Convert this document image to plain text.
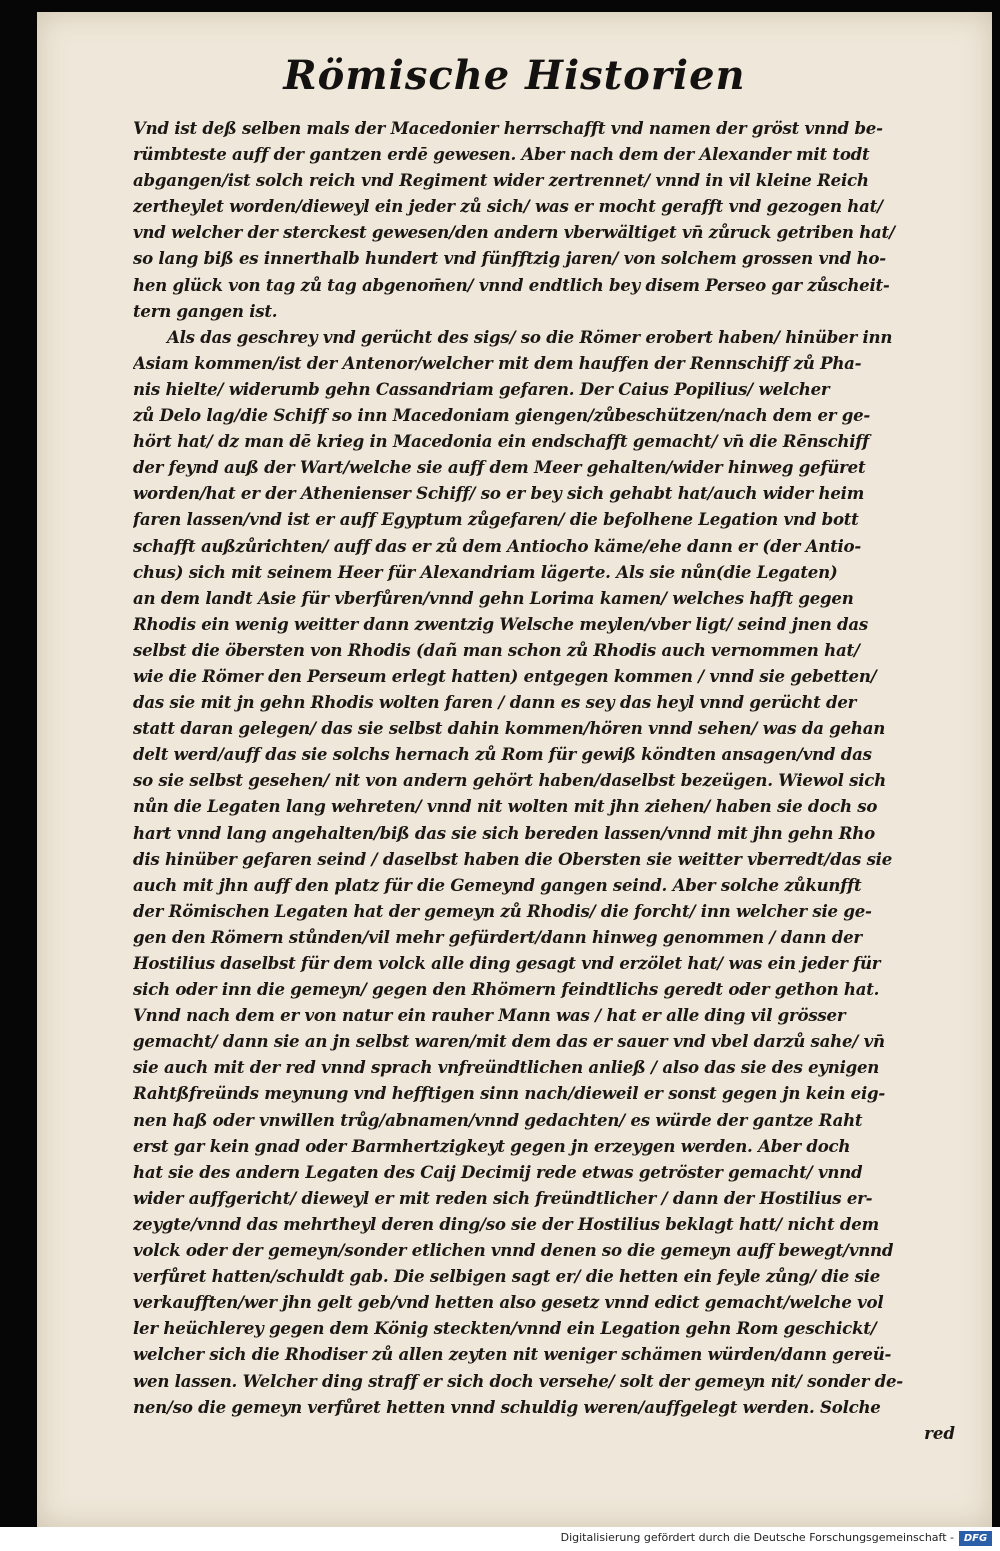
Römische Historien
Vnd ist deß selben mals der Macedonier herrschafft vnd namen der gröst vnnd be-
rümbteste auff der gantzen erdē gewesen. Aber nach dem der Alexander mit todt
abgangen/ist solch reich vnd Regiment wider zertrennet/ vnnd in vil kleine Reich
zertheylet worden/dieweyl ein jeder zů sich/ was er mocht gerafft vnd gezogen hat/
vnd welcher der sterckest gewesen/den andern vberwältiget vn̄ zůruck getriben hat/
so lang biß es innerthalb hundert vnd fünfftzig jaren/ von solchem grossen vnd ho-
hen glück von tag zů tag abgenom̄en/ vnnd endtlich bey disem Perseo gar zůscheit-
tern gangen ist.
Als das geschrey vnd gerücht des sigs/ so die Römer erobert haben/ hinüber inn
Asiam kommen/ist der Antenor/welcher mit dem hauffen der Rennschiff zů Pha-
nis hielte/ widerumb gehn Cassandriam gefaren. Der Caius Popilius/ welcher
zů Delo lag/die Schiff so inn Macedoniam giengen/zůbeschützen/nach dem er ge-
hört hat/ dz man dē krieg in Macedonia ein endschafft gemacht/ vn̄ die Rēnschiff
der feynd auß der Wart/welche sie auff dem Meer gehalten/wider hinweg gefüret
worden/hat er der Athenienser Schiff/ so er bey sich gehabt hat/auch wider heim
faren lassen/vnd ist er auff Egyptum zůgefaren/ die befolhene Legation vnd bott
schafft außzůrichten/ auff das er zů dem Antiocho käme/ehe dann er (der Antio-
chus) sich mit seinem Heer für Alexandriam lägerte. Als sie nůn(die Legaten)
an dem landt Asie für vberfůren/vnnd gehn Lorima kamen/ welches hafft gegen
Rhodis ein wenig weitter dann zwentzig Welsche meylen/vber ligt/ seind jnen das
selbst die öbersten von Rhodis (dañ man schon zů Rhodis auch vernommen hat/
wie die Römer den Perseum erlegt hatten) entgegen kommen / vnnd sie gebetten/
das sie mit jn gehn Rhodis wolten faren / dann es sey das heyl vnnd gerücht der
statt daran gelegen/ das sie selbst dahin kommen/hören vnnd sehen/ was da gehan
delt werd/auff das sie solchs hernach zů Rom für gewiß köndten ansagen/vnd das
so sie selbst gesehen/ nit von andern gehört haben/daselbst bezeügen. Wiewol sich
nůn die Legaten lang wehreten/ vnnd nit wolten mit jhn ziehen/ haben sie doch so
hart vnnd lang angehalten/biß das sie sich bereden lassen/vnnd mit jhn gehn Rho
dis hinüber gefaren seind / daselbst haben die Obersten sie weitter vberredt/das sie
auch mit jhn auff den platz für die Gemeynd gangen seind. Aber solche zůkunfft
der Römischen Legaten hat der gemeyn zů Rhodis/ die forcht/ inn welcher sie ge-
gen den Römern stůnden/vil mehr gefürdert/dann hinweg genommen / dann der
Hostilius daselbst für dem volck alle ding gesagt vnd erzölet hat/ was ein jeder für
sich oder inn die gemeyn/ gegen den Rhömern feindtlichs geredt oder gethon hat.
Vnnd nach dem er von natur ein rauher Mann was / hat er alle ding vil grösser
gemacht/ dann sie an jn selbst waren/mit dem das er sauer vnd vbel darzů sahe/ vn̄
sie auch mit der red vnnd sprach vnfreündtlichen anließ / also das sie des eynigen
Rahtßfreünds meynung vnd hefftigen sinn nach/dieweil er sonst gegen jn kein eig-
nen haß oder vnwillen trůg/abnamen/vnnd gedachten/ es würde der gantze Raht
erst gar kein gnad oder Barmhertzigkeyt gegen jn erzeygen werden. Aber doch
hat sie des andern Legaten des Caij Decimij rede etwas getröster gemacht/ vnnd
wider auffgericht/ dieweyl er mit reden sich freündtlicher / dann der Hostilius er-
zeygte/vnnd das mehrtheyl deren ding/so sie der Hostilius beklagt hatt/ nicht dem
volck oder der gemeyn/sonder etlichen vnnd denen so die gemeyn auff bewegt/vnnd
verfůret hatten/schuldt gab. Die selbigen sagt er/ die hetten ein feyle zůng/ die sie
verkaufften/wer jhn gelt geb/vnd hetten also gesetz vnnd edict gemacht/welche vol
ler heüchlerey gegen dem König steckten/vnnd ein Legation gehn Rom geschickt/
welcher sich die Rhodiser zů allen zeyten nit weniger schämen würden/dann gereü-
wen lassen. Welcher ding straff er sich doch versehe/ solt der gemeyn nit/ sonder de-
nen/so die gemeyn verfůret hetten vnnd schuldig weren/auffgelegt werden. Solche
red
Digitalisierung gefördert durch die Deutsche Forschungsgemeinschaft - DFG
